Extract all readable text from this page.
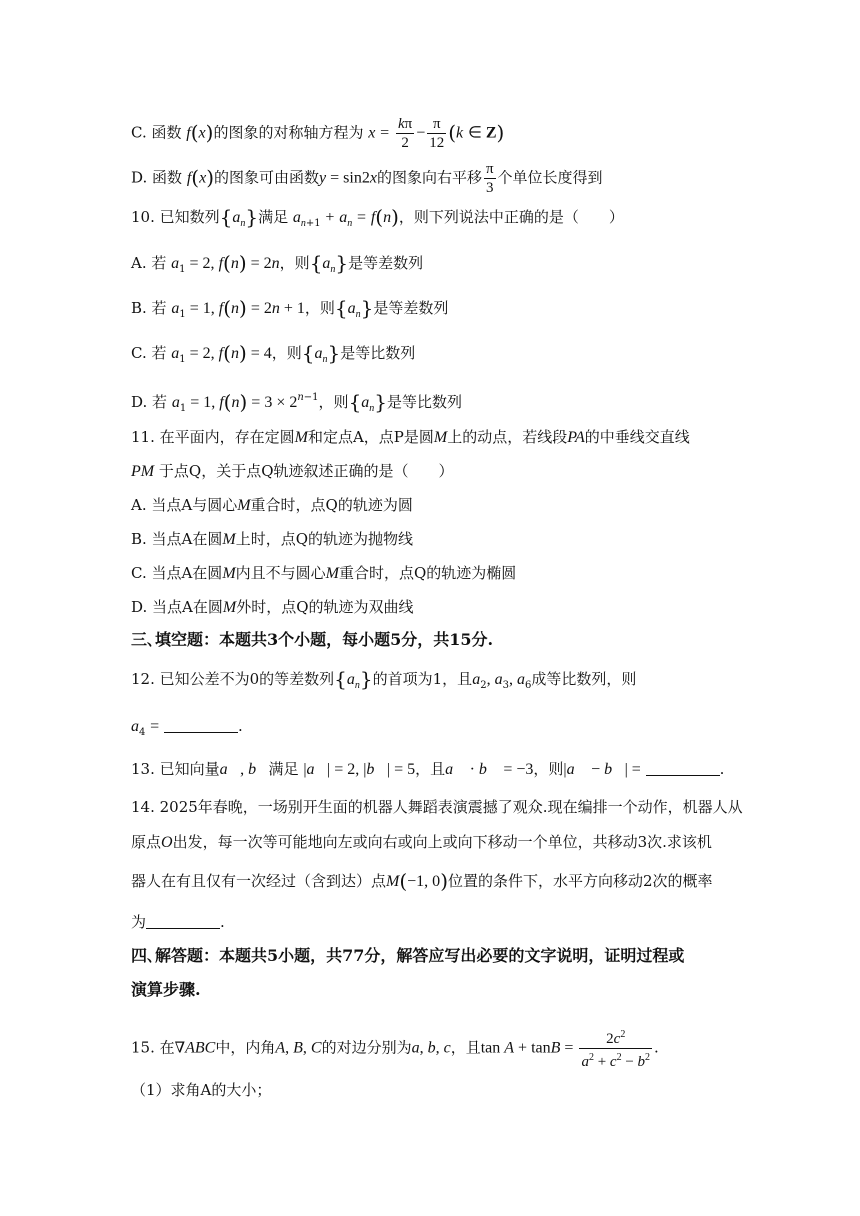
C. 函数 f(x)的图象的对称轴方程为 $x = \frac{k\pi}{2} - \frac{\pi}{12} (k$ ∈ Z)
D. 函数 f(x)的图象可由函数y = sin2x的图象向右平移 $\frac{\pi}{3}$ 个单位长度得到
10. 已知数列$\{a_n\}$满足 $a_{n+1} + a_n = f(n)$，则下列说法中正确的是（　　）
A. 若 $a_1 = 2$, f(n) = 2n，则$\{a_n\}$是等差数列
B. 若 $a_1 = 1$, f(n) = 2n + 1，则$\{a_n\}$是等差数列
C. 若 $a_1 = 2$, f(n) = 4，则$\{a_n\}$是等比数列
D. 若 $a_1 = 1$, $f(n) = 3 \times 2^{n-1}$，则$\{a_n\}$是等比数列
11. 在平面内，存在定圆M和定点A，点P是圆M上的动点，若线段PA的中垂线交直线
PM 于点Q，关于点Q轨迹叙述正确的是（　　）
A. 当点A与圆心M重合时，点Q的轨迹为圆
B. 当点A在圆M上时，点Q的轨迹为抛物线
C. 当点A在圆M内且不与圆心M重合时，点Q的轨迹为椭圆
D. 当点A在圆M外时，点Q的轨迹为双曲线
三､填空题：本题共3个小题，每小题5分，共15分.
12. 已知公差不为0的等差数列$\{a_n\}$的首项为1，且$a_2$, $a_3$, $a_6$成等比数列，则
$a_4$ =	.
13. 已知向量a⃗, b⃗满足 |a⃗| = 2, |b⃗| = 5，且a⃗ · b⃗ = −3，则|a⃗ − b⃗| =	.
14. 2025年春晚，一场别开生面的机器人舞蹈表演震撼了观众.现在编排一个动作，机器人从
原点O出发，每一次等可能地向左或向右或向上或向下移动一个单位，共移动3次.求该机
器人在有且仅有一次经过（含到达）点M(−1, 0)位置的条件下，水平方向移动2次的概率
为	.
四､解答题：本题共5小题，共77分，解答应写出必要的文字说明，证明过程或
演算步骤.
15. 在∇ABC中，内角A, B, C的对边分别为a, b, c，且$\tan A + \tan B = \frac{2c^2}{a^2 + c^2 - b^2}$ .
（1）求角A的大小；
